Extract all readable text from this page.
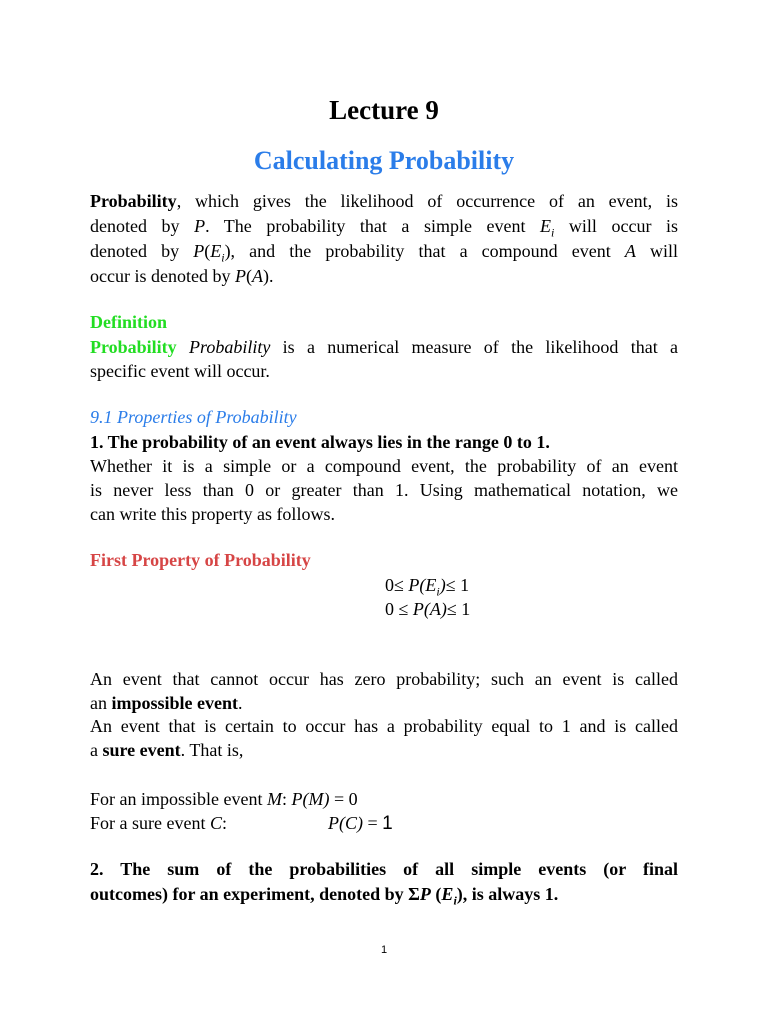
Lecture 9
Calculating Probability
Probability, which gives the likelihood of occurrence of an event, is
denoted by P. The probability that a simple event $E_i$ will occur is
denoted by $P(E_i)$, and the probability that a compound event A will
occur is denoted by P(A).
Definition
Probability Probability is a numerical measure of the likelihood that a
specific event will occur.
9.1 Properties of Probability
1. The probability of an event always lies in the range 0 to 1.
Whether it is a simple or a compound event, the probability of an event
is never less than 0 or greater than 1. Using mathematical notation, we
can write this property as follows.
First Property of Probability
$0\le P(E_i)\le 1$
0 ≤ P(A)≤ 1
An event that cannot occur has zero probability; such an event is called
an impossible event.
An event that is certain to occur has a probability equal to 1 and is called
a sure event. That is,
For an impossible event M: P(M) = 0
For a sure event C:	P(C) = 1
2. The sum of the probabilities of all simple events (or final
outcomes) for an experiment, denoted by ΣP $(E_i)$, is always 1.
1
